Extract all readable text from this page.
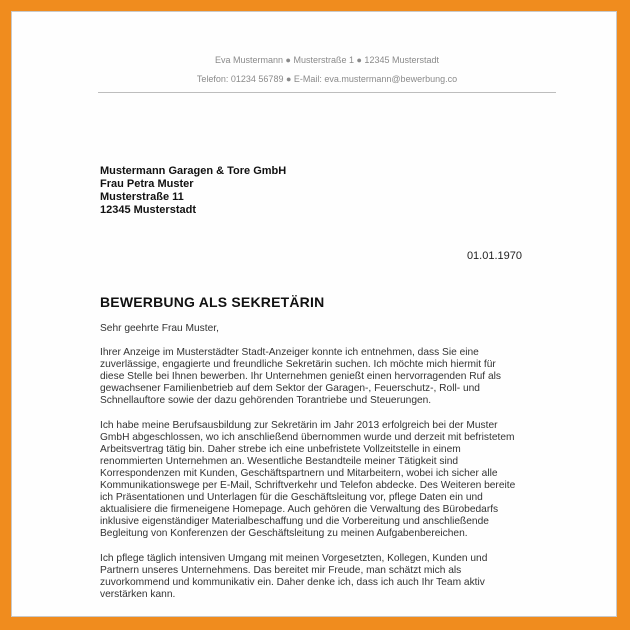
Eva Mustermann ● Musterstraße 1 ● 12345 Musterstadt
Telefon: 01234 56789 ● E-Mail: eva.mustermann@bewerbung.co
Mustermann Garagen & Tore GmbH
Frau Petra Muster
Musterstraße 11
12345 Musterstadt
01.01.1970
BEWERBUNG ALS SEKRETÄRIN

Sehr geehrte Frau Muster,

Ihrer Anzeige im Musterstädter Stadt-Anzeiger konnte ich entnehmen, dass Sie eine
zuverlässige, engagierte und freundliche Sekretärin suchen. Ich möchte mich hiermit für
diese Stelle bei Ihnen bewerben. Ihr Unternehmen genießt einen hervorragenden Ruf als
gewachsener Familienbetrieb auf dem Sektor der Garagen-, Feuerschutz-, Roll- und
Schnellauftore sowie der dazu gehörenden Torantriebe und Steuerungen.

Ich habe meine Berufsausbildung zur Sekretärin im Jahr 2013 erfolgreich bei der Muster
GmbH abgeschlossen, wo ich anschließend übernommen wurde und derzeit mit befristetem
Arbeitsvertrag tätig bin. Daher strebe ich eine unbefristete Vollzeitstelle in einem
renommierten Unternehmen an. Wesentliche Bestandteile meiner Tätigkeit sind
Korrespondenzen mit Kunden, Geschäftspartnern und Mitarbeitern, wobei ich sicher alle
Kommunikationswege per E-Mail, Schriftverkehr und Telefon abdecke. Des Weiteren bereite
ich Präsentationen und Unterlagen für die Geschäftsleitung vor, pflege Daten ein und
aktualisiere die firmeneigene Homepage. Auch gehören die Verwaltung des Bürobedarfs
inklusive eigenständiger Materialbeschaffung und die Vorbereitung und anschließende
Begleitung von Konferenzen der Geschäftsleitung zu meinen Aufgabenbereichen.

Ich pflege täglich intensiven Umgang mit meinen Vorgesetzten, Kollegen, Kunden und
Partnern unseres Unternehmens. Das bereitet mir Freude, man schätzt mich als
zuvorkommend und kommunikativ ein. Daher denke ich, dass ich auch Ihr Team aktiv
verstärken kann.
